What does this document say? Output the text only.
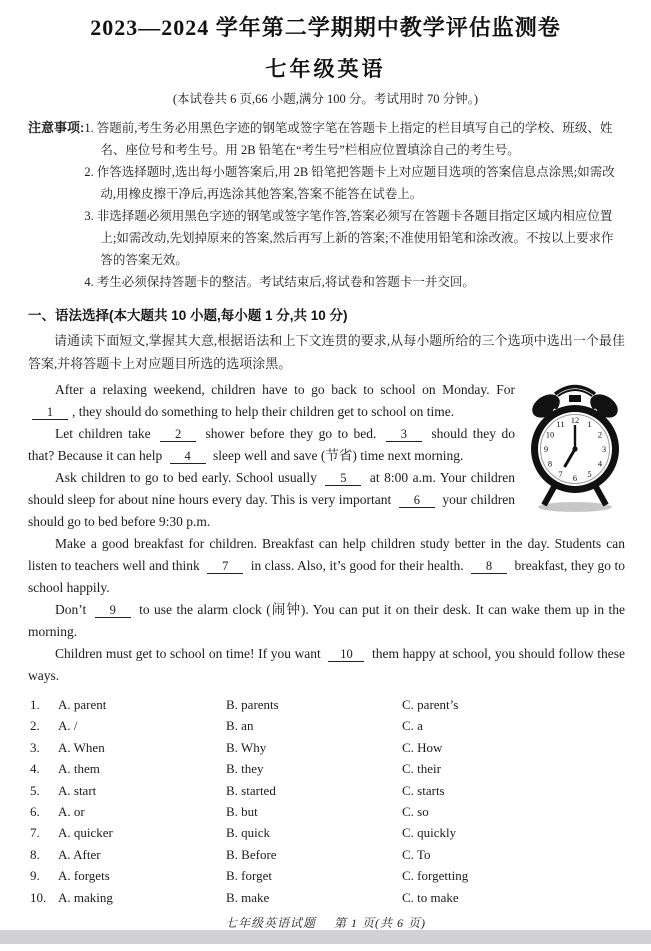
2023—2024 学年第二学期期中教学评估监测卷
七年级英语
(本试卷共 6 页,66 小题,满分 100 分。考试用时 70 分钟。)
注意事项: 1. 答题前,考生务必用黑色字迹的钢笔或签字笔在答题卡上指定的栏目填写自己的学校、班级、姓名、座位号和考生号。用 2B 铅笔在“考生号”栏相应位置填涂自己的考生号。
2. 作答选择题时,选出每小题答案后,用 2B 铅笔把答题卡上对应题目选项的答案信息点涂黑;如需改动,用橡皮擦干净后,再选涂其他答案,答案不能答在试卷上。
3. 非选择题必须用黑色字迹的钢笔或签字笔作答,答案必须写在答题卡各题目指定区域内相应位置上;如需改动,先划掉原来的答案,然后再写上新的答案;不准使用铅笔和涂改液。不按以上要求作答的答案无效。
4. 考生必须保持答题卡的整洁。考试结束后,将试卷和答题卡一并交回。
一、语法选择(本大题共 10 小题,每小题 1 分,共 10 分)
请通读下面短文,掌握其大意,根据语法和上下文连贯的要求,从每小题所给的三个选项中选出一个最佳答案,并将答题卡上对应题目所选的选项涂黑。
12 1
2
3
4
5
6
7
8
9
10
11

After a relaxing weekend, children have to go back to school on Monday. For 1 , they should do something to help their children get to school on time.

Let children take 2 shower before they go to bed. 3 should they do that? Because it can help 4 sleep well and save (节省) time next morning.

Ask children to go to bed early. School usually 5 at 8:00 a.m. Your children should sleep for about nine hours every day. This is very important 6 your children should go to bed before 9:30 p.m.

Make a good breakfast for children. Breakfast can help children study better in the day. Students can listen to teachers well and think 7 in class. Also, it’s good for their health. 8 breakfast, they go to school happily.

Don’t 9 to use the alarm clock (闹钟). You can put it on their desk. It can wake them up in the morning.

Children must get to school on time! If you want 10 them happy at school, you should follow these ways.

1.	A. parent	B. parents	C. parent’s
2.	A. /	B. an	C. a
3.	A. When	B. Why	C. How
4.	A. them	B. they	C. their
5.	A. start	B. started	C. starts
6.	A. or	B. but	C. so
7.	A. quicker	B. quick	C. quickly
8.	A. After	B. Before	C. To
9.	A. forgets	B. forget	C. forgetting
10. A. making	B. make	C. to make
七年级英语试题 第 1 页(共 6 页)
